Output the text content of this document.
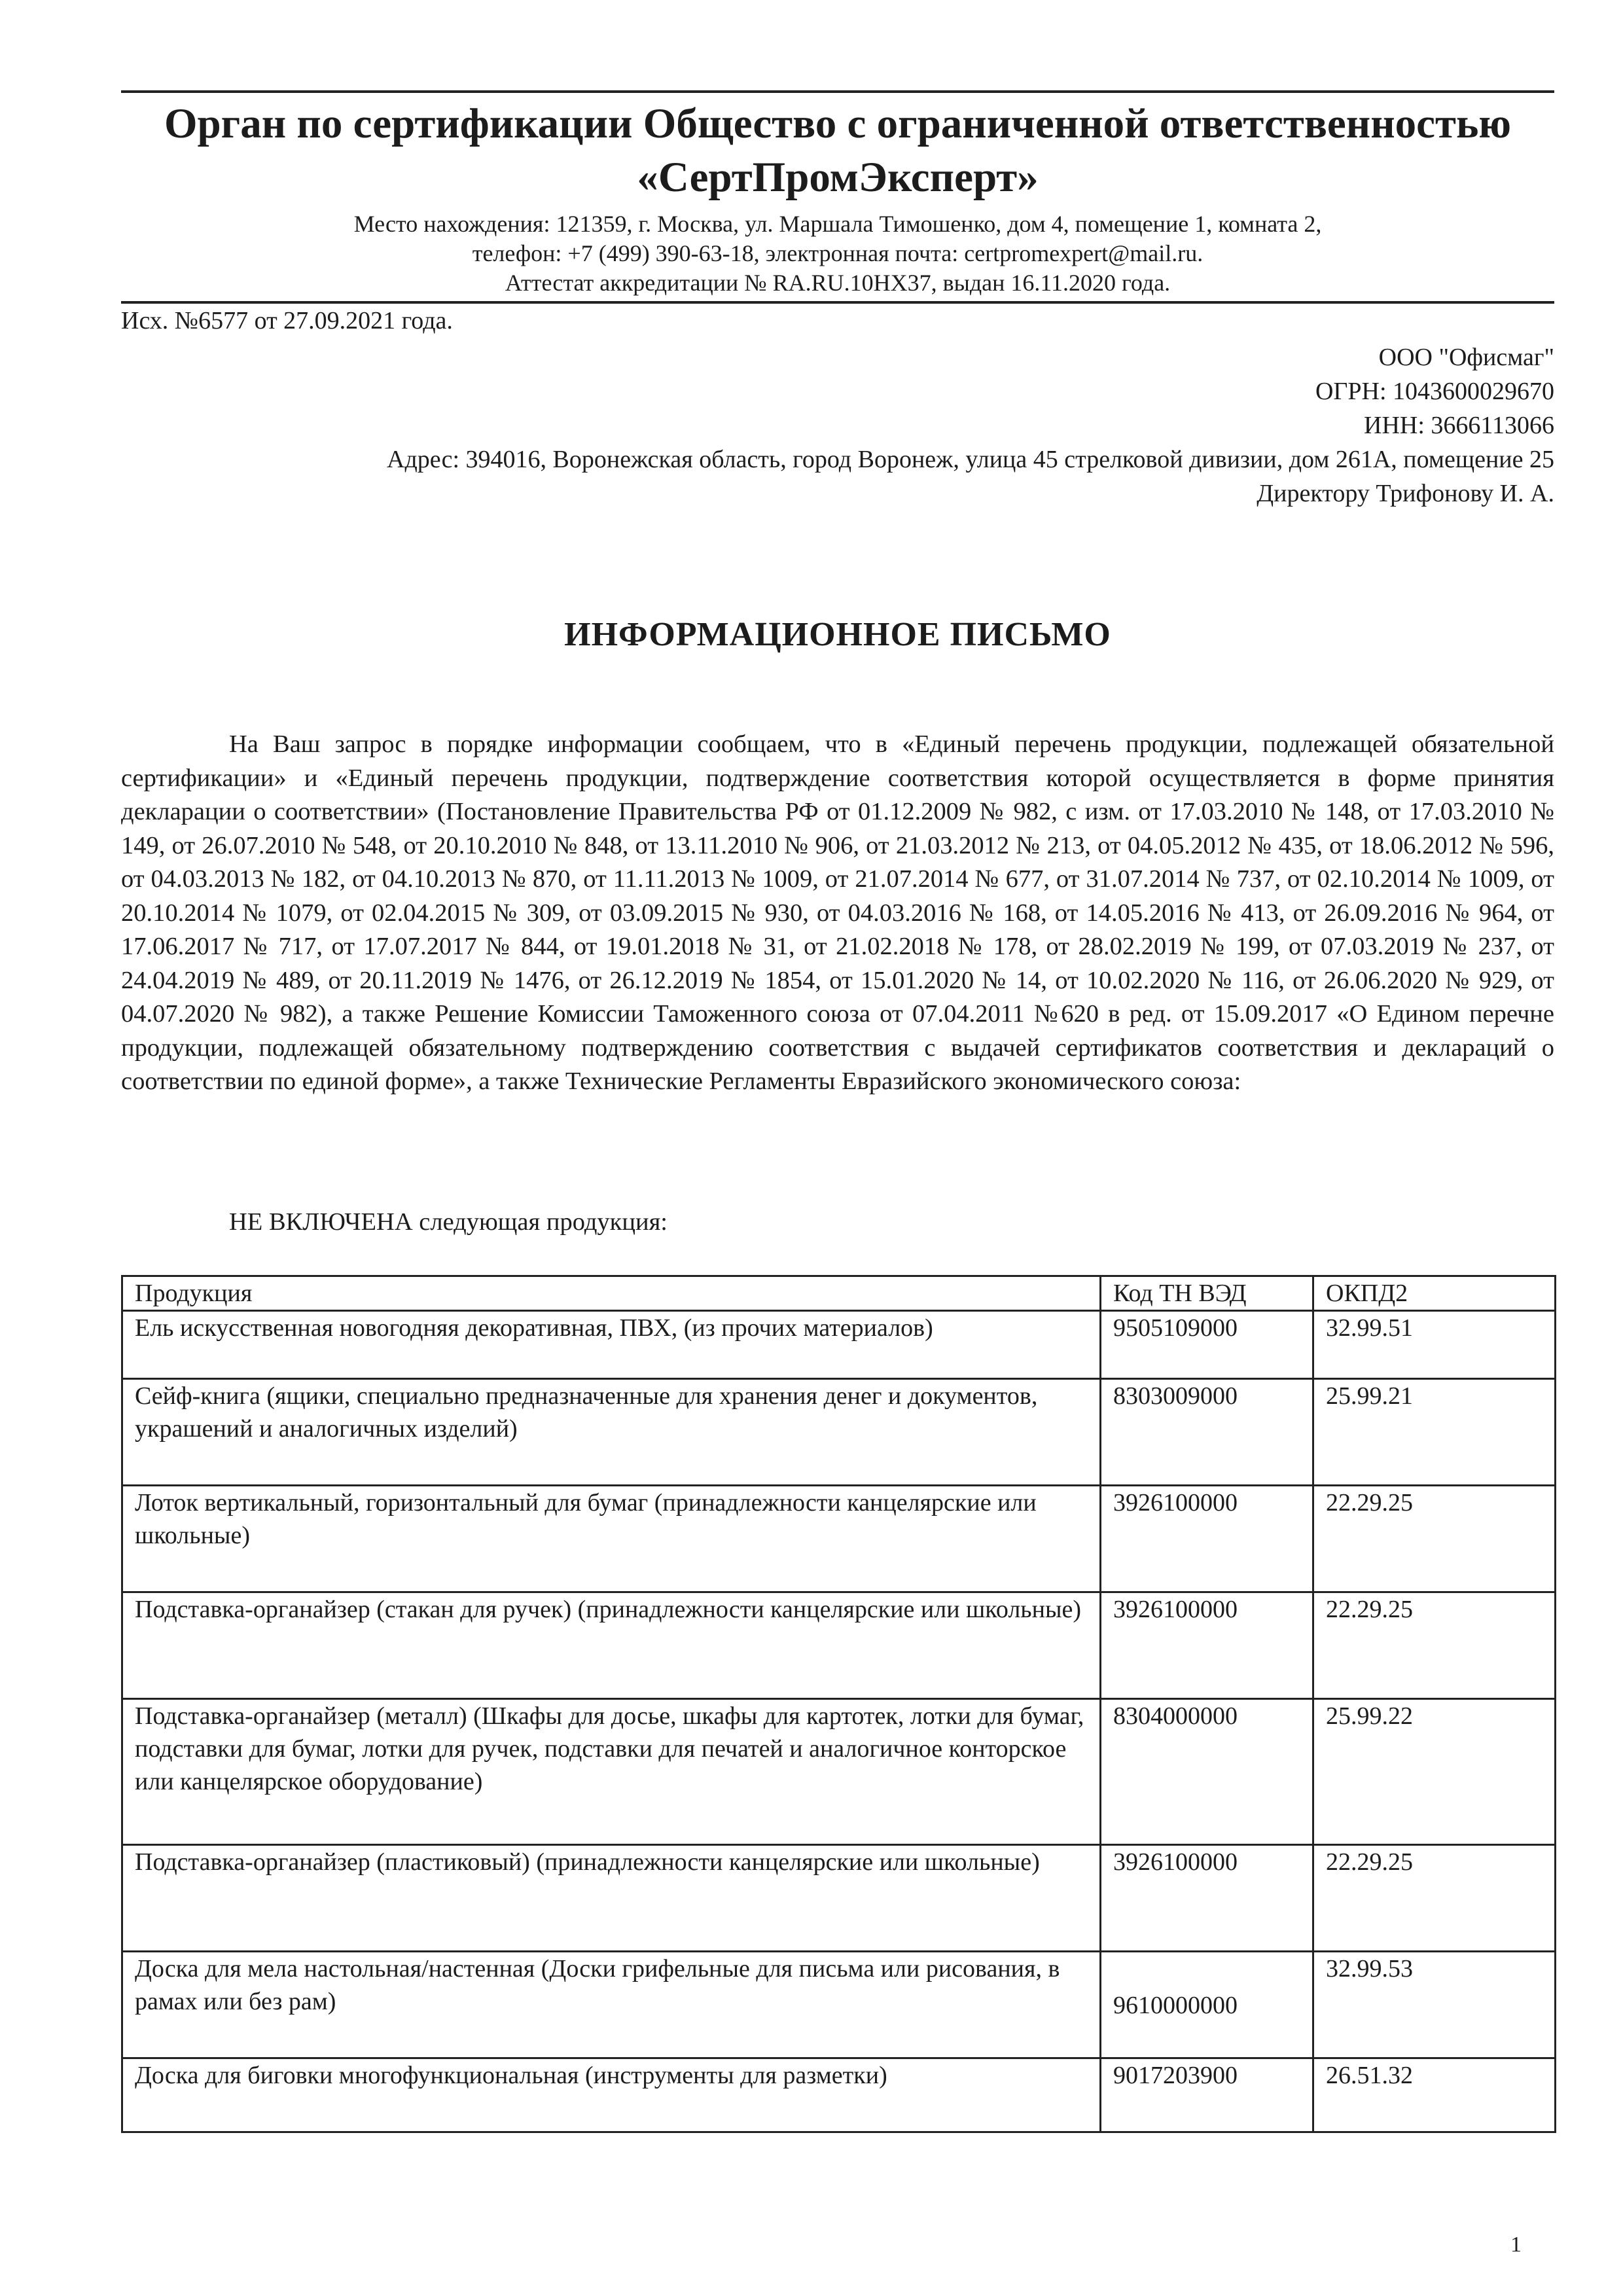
Орган по сертификации Общество с ограниченной ответственностью «СертПромЭксперт»
Место нахождения: 121359, г. Москва, ул. Маршала Тимошенко, дом 4, помещение 1, комната 2,
телефон: +7 (499) 390-63-18, электронная почта: certpromexpert@mail.ru.
Аттестат аккредитации № RA.RU.10НХ37, выдан 16.11.2020 года.
Исх. №6577 от 27.09.2021 года.
ООО "Офисмаг"
ОГРН: 1043600029670
ИНН: 3666113066
Адрес: 394016, Воронежская область, город Воронеж, улица 45 стрелковой дивизии, дом 261А, помещение 25
Директору Трифонову И. А.
ИНФОРМАЦИОННОЕ ПИСЬМО

На Ваш запрос в порядке информации сообщаем, что в «Единый перечень продукции, подлежащей обязательной сертификации» и «Единый перечень продукции, подтверждение соответствия которой осуществляется в форме принятия декларации о соответствии» (Постановление Правительства РФ от 01.12.2009 № 982, с изм. от 17.03.2010 № 148, от 17.03.2010 № 149, от 26.07.2010 № 548, от 20.10.2010 № 848, от 13.11.2010 № 906, от 21.03.2012 № 213, от 04.05.2012 № 435, от 18.06.2012 № 596, от 04.03.2013 № 182, от 04.10.2013 № 870, от 11.11.2013 № 1009, от 21.07.2014 № 677, от 31.07.2014 № 737, от 02.10.2014 № 1009, от 20.10.2014 № 1079, от 02.04.2015 № 309, от 03.09.2015 № 930, от 04.03.2016 № 168, от 14.05.2016 № 413, от 26.09.2016 № 964, от 17.06.2017 № 717, от 17.07.2017 № 844, от 19.01.2018 № 31, от 21.02.2018 № 178, от 28.02.2019 № 199, от 07.03.2019 № 237, от 24.04.2019 № 489, от 20.11.2019 № 1476, от 26.12.2019 № 1854, от 15.01.2020 № 14, от 10.02.2020 № 116, от 26.06.2020 № 929, от 04.07.2020 № 982), а также Решение Комиссии Таможенного союза от 07.04.2011 №620 в ред. от 15.09.2017 «О Едином перечне продукции, подлежащей обязательному подтверждению соответствия с выдачей сертификатов соответствия и деклараций о соответствии по единой форме», а также Технические Регламенты Евразийского экономического союза:

НЕ ВКЛЮЧЕНА следующая продукция:

Продукция	Код ТН ВЭД	ОКПД2
Ель искусственная новогодняя декоративная, ПВХ, (из прочих материалов)	9505109000	32.99.51
Сейф-книга (ящики, специально предназначенные для хранения денег и документов, украшений и аналогичных изделий)	8303009000	25.99.21
Лоток вертикальный, горизонтальный для бумаг (принадлежности канцелярские или школьные)	3926100000	22.29.25
Подставка-органайзер (стакан для ручек) (принадлежности канцелярские или школьные)	3926100000	22.29.25
Подставка-органайзер (металл) (Шкафы для досье, шкафы для картотек, лотки для бумаг, подставки для бумаг, лотки для ручек, подставки для печатей и аналогичное конторское или канцелярское оборудование)	8304000000	25.99.22
Подставка-органайзер (пластиковый) (принадлежности канцелярские или школьные)	3926100000	22.29.25
Доска для мела настольная/настенная (Доски грифельные для письма или рисования, в рамах или без рам)	9610000000	32.99.53
Доска для биговки многофункциональная (инструменты для разметки)	9017203900	26.51.32
1
